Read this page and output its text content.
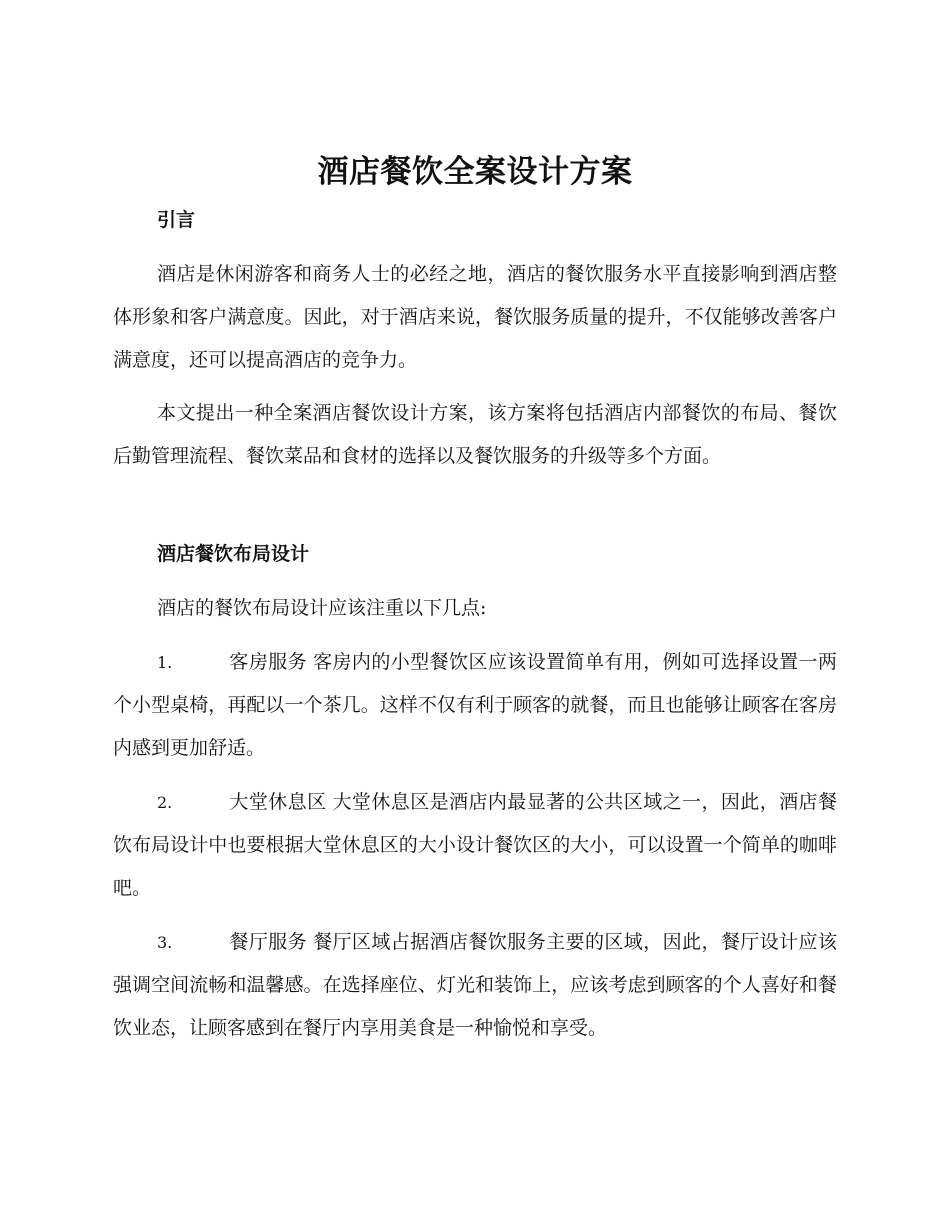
酒店餐饮全案设计方案
引言

酒店是休闲游客和商务人士的必经之地，酒店的餐饮服务水平直接影响到酒店整体形象和客户满意度。因此，对于酒店来说，餐饮服务质量的提升，不仅能够改善客户满意度，还可以提高酒店的竞争力。

本文提出一种全案酒店餐饮设计方案，该方案将包括酒店内部餐饮的布局、餐饮后勤管理流程、餐饮菜品和食材的选择以及餐饮服务的升级等多个方面。

酒店餐饮布局设计

酒店的餐饮布局设计应该注重以下几点:

1.	客房服务 客房内的小型餐饮区应该设置简单有用，例如可选择设置一两个小型桌椅，再配以一个茶几。这样不仅有利于顾客的就餐，而且也能够让顾客在客房内感到更加舒适。

2.	大堂休息区 大堂休息区是酒店内最显著的公共区域之一，因此，酒店餐饮布局设计中也要根据大堂休息区的大小设计餐饮区的大小，可以设置一个简单的咖啡吧。

3.	餐厅服务 餐厅区域占据酒店餐饮服务主要的区域，因此，餐厅设计应该强调空间流畅和温馨感。在选择座位、灯光和装饰上，应该考虑到顾客的个人喜好和餐饮业态，让顾客感到在餐厅内享用美食是一种愉悦和享受。
